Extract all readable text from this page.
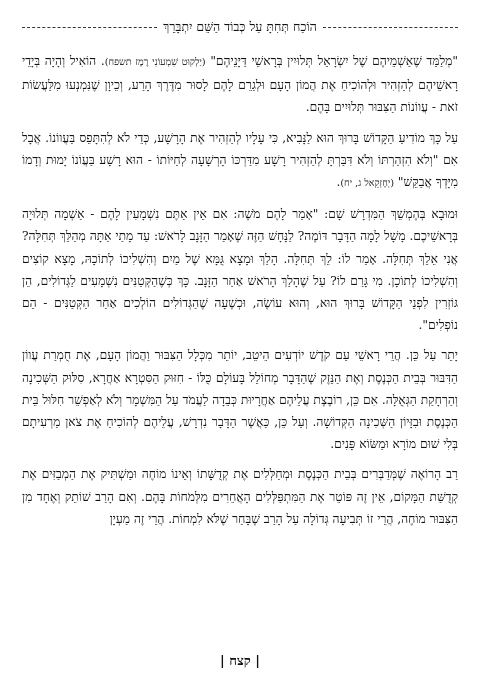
הוֹכַח תְּחִתָּ עַל כְּבוֹד הַשֵּׁם יִתְבָּרֵךְ

"מְלַמֵּד שֶׁאַשְׁמֵיהֶם שֶׁל יִשְׂרָאֵל תְּלוּיִין בְּרָאשֵׁי דַּיָּנֵיהֶם" (יַלְקוּט שִׁמְעוֹנִי רֶמֶז תשפח). הוֹאִיל וְהָיָה בְּיָדֵי רָאשֵׁיהֶם לְהַזְהִיר וּלְהוֹכִיחַ אֶת הֲמוֹן הָעָם וּלְגַרֵם לָהֶם לָסוּר מִדֶּרֶךְ הָרַע, וְכֵיוָן שֶׁנִּמְנְעוּ מִלַּעֲשׂוֹת זֹאת - עֲווֹנוֹת הַצִּבּוּר תְּלוּיִים בָּהֶם.

עַל כָּךְ מוֹדִיעַ הַקָּדוֹשׁ בָּרוּךְ הוּא לַנָּבִיא, כִּי עָלָיו לְהַזְהִיר אֶת הָרָשָׁע, כְּדֵי לֹא לְהִתָּפֵס בַּעֲווֹנוֹ. אֲבָל אִם "וְלֹא הִזְהַרְתּוֹ וְלֹא דִּבַּרְתָּ לְהַזְהִיר רָשָׁע מִדַּרְכּוֹ הָרְשָׁעָה לְחַיּוֹתוֹ - הוּא רָשָׁע בַּעֲוֹנוֹ יָמוּת וְדָמוֹ מִיָּדְךָ אֲבַקֵּשׁ" (יְחֶזְקֵאל ג, יח).

וּמוּבָא בְּהֶמְשֵׁךְ הַמִּדְרָשׁ שָׁם: "אָמַר לָהֶם מֹשֶׁה: אִם אֵין אַתֶּם נִשְׁמָעִין לָהֶם - אַשְׁמָה תְּלוּיָה בְּרָאשֵׁיכֶם. מָשָׁל לָמָה הַדָּבָר דּוֹמֶה? לַנָּחָשׁ הַזֶּה שֶׁאָמַר הַזָּנָב לָרֹאשׁ: עַד מָתַי אַתָּה מְהַלֵּךְ תְּחִלָּה? אֲנִי אֵלֵךְ תְּחִלָּה. אָמַר לוֹ: לֵךְ תְּחִלָּה. הָלַךְ וּמָצָא גֻּמָּא שֶׁל מַיִם וְהִשְׁלִיכוֹ לְתוֹכָהּ, מָצָא קוֹצִים וְהִשְׁלִיכוֹ לְתוֹכָן. מִי גָּרַם לוֹ? עַל שֶׁהָלַךְ הָרֹאשׁ אַחַר הַזָּנָב. כָּךְ כְּשֶׁהַקְּטַנִּים נִשְׁמָעִים לַגְּדוֹלִים, הֵן גּוֹזְרִין לִפְנֵי הַקָּדוֹשׁ בָּרוּךְ הוּא, וְהוּא עוֹשֶׂה, וּכְשֶׁעָה שֶׁהַגְּדוֹלִים הוֹלְכִים אַחַר הַקְּטַנִּים - הֵם נוֹפְלִים".

יָתֵר עַל כֵּן. הֲרֵי רָאשֵׁי עַם קֹדֶשׁ יוֹדְעִים הֵיטֵב, יוֹתֵר מִכְּלָל הַצִּבּוּר וַהֲמוֹן הָעָם, אֶת חֻמְרַת עֲווֹן הַדִּבּוּר בְּבֵית הַכְּנֶסֶת וְאֶת הַנֵּזֶק שֶׁהַדָּבָר מְחוֹלֵל בָּעוֹלָם כֻּלּוֹ - חִזּוּק הַסִּטְרָא אַחֲרָא, סִלּוּק הַשְּׁכִינָה וְהַרְחָקַת הַגְּאֻלָּה. אִם כֵּן, רוֹבֶצֶת עֲלֵיהֶם אַחֲרָיוּת כְּבֵדָה לַעֲמֹד עַל הַמִּשְׁמָר וְלֹא לְאַפְשֵׁר חִלּוּל בֵּית הַכְּנֶסֶת וּבִזָּיוֹן הַשְּׁכִינָה הַקְּדוֹשָׁה. וְעַל כֵּן, כַּאֲשֶׁר הַדָּבָר נִדְרָשׁ, עֲלֵיהֶם לְהוֹכִיחַ אֶת צֹאן מַרְעִיתָם בְּלִי שׁוּם מוֹרָא וּמַשּׂוֹא פָּנִים.

רַב הָרוֹאֶה שֶׁמְּדַבְּרִים בְּבֵית הַכְּנֶסֶת וּמְחַלְּלִים אֶת קְדֻשָּׁתוֹ וְאֵינוֹ מוֹחֶה וּמַשְׁתִּיק אֶת הַמְבַזִּים אֶת קְדֻשַּׁת הַמָּקוֹם, אֵין זֶה פּוֹטֵר אֶת הַמִּתְפַּלְּלִים הָאֲחֵרִים מִלְּמֹחוֹת בָּהֶם. וְאִם הָרַב שׁוֹתֵק וְאֶחָד מִן הַצִּבּוּר מוֹחֶה, הֲרֵי זוֹ תְּבִיעָה גְּדוֹלָה עַל הָרַב שֶׁבָּחַר שֶׁלֹּא לִמְחוֹת. הֲרֵי זֶה מַעְיָן

| קצח |
